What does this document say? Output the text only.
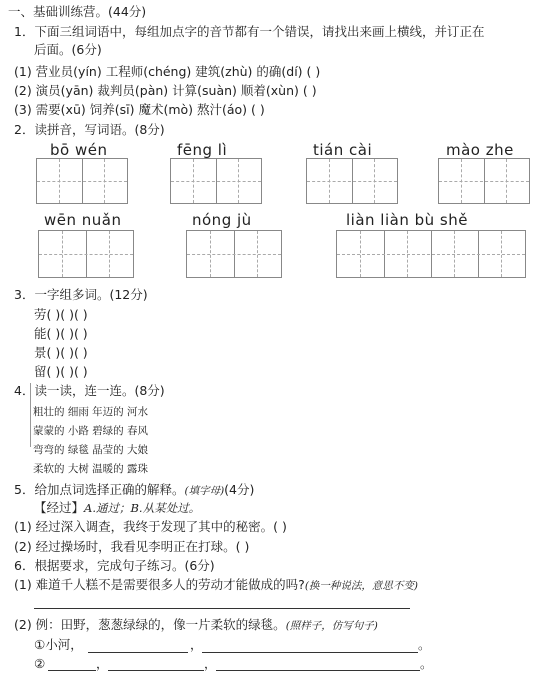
一、基础训练营。(44分)
1．下面三组词语中，每组加点字的音节都有一个错误，请找出来画上横线，并订正在
后面。(6分)
(1) 营业员(yín) 工程师(chéng) 建筑(zhù) 的确(dí) ( )
(2) 演员(yān) 裁判员(pàn) 计算(suàn) 顺着(xùn) ( )
(3) 需要(xū) 饲养(sī) 魔术(mò) 熬汁(áo) ( )
2．读拼音，写词语。(8分)
bō wén	fēng lì	tián cài	mào zhe
wēn nuǎn	nóng jù	liàn liàn bù shě
3．一字组多词。(12分)
劳( )( )( )
能( )( )( )
景( )( )( )
留( )( )( )
4．读一读，连一连。(8分)
粗壮的 细雨 年迈的 河水
蒙蒙的 小路 碧绿的 春风
弯弯的 绿毯 晶莹的 大娘
柔软的 大树 温暖的 露珠
5．给加点词选择正确的解释。(填字母)(4分)
【经过】A.通过；B.从某处过。
(1) 经过深入调查，我终于发现了其中的秘密。( )
(2) 经过操场时，我看见李明正在打球。( )
6．根据要求，完成句子练习。(6分)
(1) 难道千人糕不是需要很多人的劳动才能做成的吗?(换一种说法，意思不变)
(2) 例：田野，葱葱绿绿的，像一片柔软的绿毯。(照样子，仿写句子)
①小河，	，	。
②	，	，	。
